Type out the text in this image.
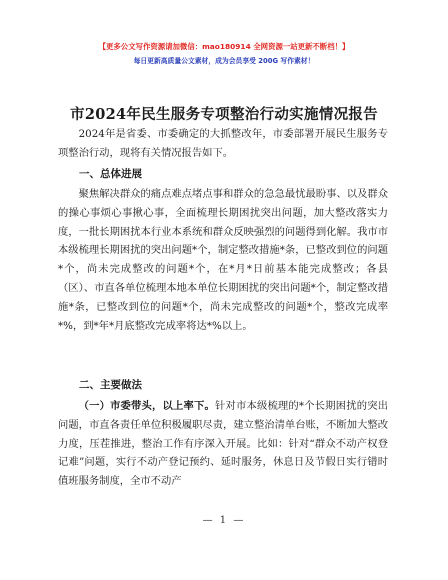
【更多公文写作资源请加微信：mao180914 全网资源一站更新不断档！】
每日更新高质量公文素材，成为会员享受 200G 写作素材！
市2024年民生服务专项整治行动实施情况报告
2024年是省委、市委确定的大抓整改年，市委部署开展民生服务专项整治行动，现将有关情况报告如下。
一、总体进展
聚焦解决群众的痛点难点堵点事和群众的急急最忧最盼事、以及群众的操心事烦心事揪心事，全面梳理长期困扰突出问题，加大整改落实力度，一批长期困扰本行业本系统和群众反映强烈的问题得到化解。我市市本级梳理长期困扰的突出问题*个，制定整改措施*条，已整改到位的问题*个，尚未完成整改的问题*个，在*月*日前基本能完成整改；各县（区）、市直各单位梳理本地本单位长期困扰的突出问题*个，制定整改措施*条，已整改到位的问题*个，尚未完成整改的问题*个，整改完成率*%，到*年*月底整改完成率将达*%以上。
二、主要做法
（一）市委带头，以上率下。针对市本级梳理的*个长期困扰的突出问题，市直各责任单位积极履职尽责，建立整治清单台账，不断加大整改力度，压茬推进，整治工作有序深入开展。比如：针对“群众不动产权登记难”问题，实行不动产登记预约、延时服务，休息日及节假日实行错时值班服务制度，全市不动产
— 1 —
